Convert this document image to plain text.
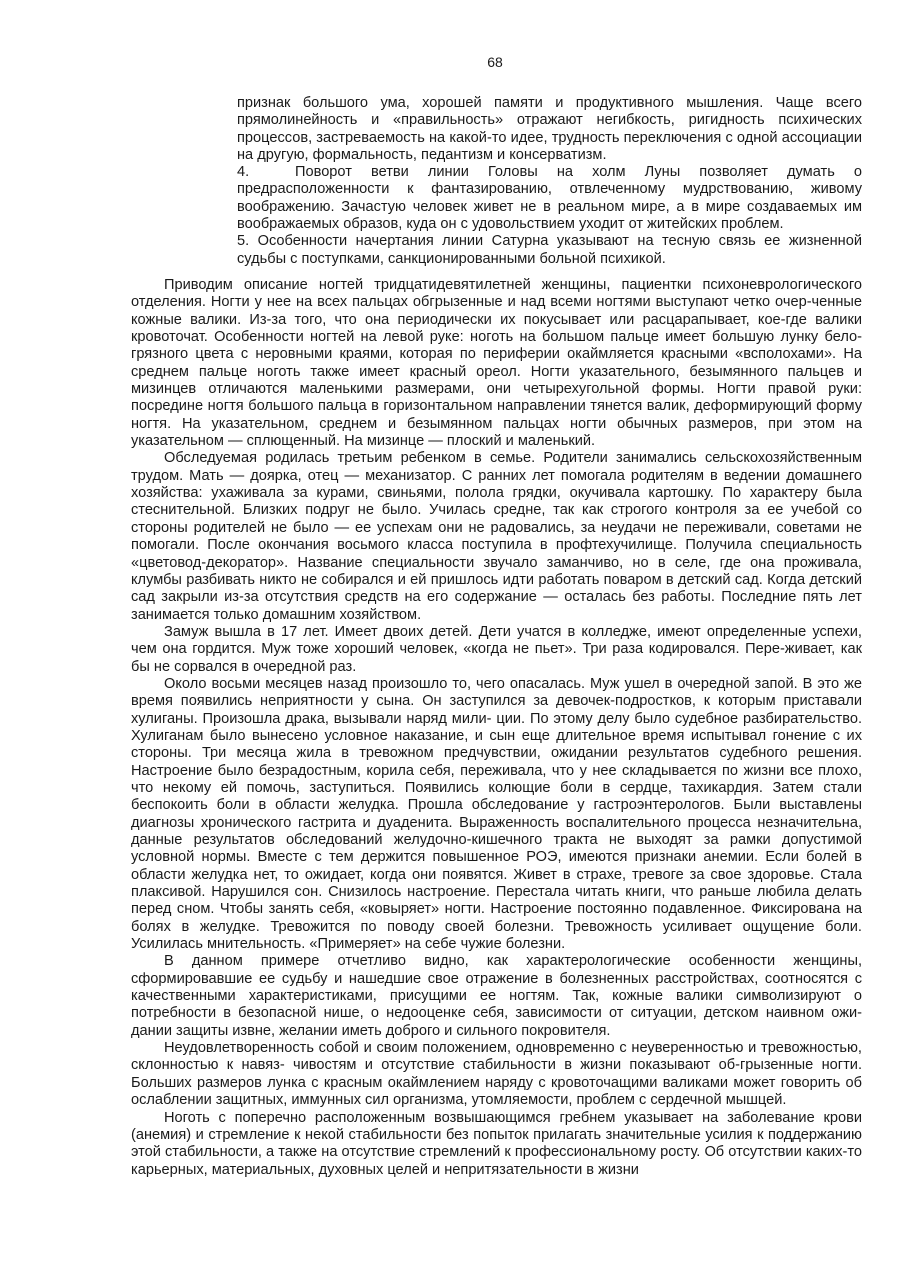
68

признак большого ума, хорошей памяти и продуктивного мышления. Чаще всего прямолинейность и «правильность» отражают негибкость, ригидность психических процессов, застреваемость на какой-то идее, трудность переключения с одной ассоциации на другую, формальность, педантизм и консерватизм.

4.	Поворот ветви линии Головы на холм Луны позволяет думать о предрасположенности к фантазированию, отвлеченному мудрствованию, живому воображению. Зачастую человек живет не в реальном мире, а в мире создаваемых им воображаемых образов, куда он с удовольствием уходит от житейских проблем.

5. Особенности начертания линии Сатурна указывают на тесную связь ее жизненной судьбы с поступками, санкционированными больной психикой.

Приводим описание ногтей тридцатидевятилетней женщины, пациентки психоневрологического отделения. Ногти у нее на всех пальцах обгрызенные и над всеми ногтями выступают четко очер-ченные кожные валики. Из-за того, что она периодически их покусывает или расцарапывает, кое-где валики кровоточат. Особенности ногтей на левой руке: ноготь на большом пальце имеет большую лунку бело-грязного цвета с неровными краями, которая по периферии окаймляется красными «всполохами». На среднем пальце ноготь также имеет красный ореол. Ногти указательного, безымянного пальцев и мизинцев отличаются маленькими размерами, они четырехугольной формы. Ногти правой руки: посредине ногтя большого пальца в горизонтальном направлении тянется валик, деформирующий форму ногтя. На указательном, среднем и безымянном пальцах ногти обычных размеров, при этом на указательном — сплющенный. На мизинце — плоский и маленький.

Обследуемая родилась третьим ребенком в семье. Родители занимались сельскохозяйственным трудом. Мать — доярка, отец — механизатор. С ранних лет помогала родителям в ведении домашнего хозяйства: ухаживала за курами, свиньями, полола грядки, окучивала картошку. По характеру была стеснительной. Близких подруг не было. Училась средне, так как строгого контроля за ее учебой со стороны родителей не было — ее успехам они не радовались, за неудачи не переживали, советами не помогали. После окончания восьмого класса поступила в профтехучилище. Получила специальность «цветовод-декоратор». Название специальности звучало заманчиво, но в селе, где она проживала, клумбы разбивать никто не собирался и ей пришлось идти работать поваром в детский сад. Когда детский сад закрыли из-за отсутствия средств на его содержание — осталась без работы. Последние пять лет занимается только домашним хозяйством.

Замуж вышла в 17 лет. Имеет двоих детей. Дети учатся в колледже, имеют определенные успехи, чем она гордится. Муж тоже хороший человек, «когда не пьет». Три раза кодировался. Пере-живает, как бы не сорвался в очередной раз.

Около восьми месяцев назад произошло то, чего опасалась. Муж ушел в очередной запой. В это же время появились неприятности у сына. Он заступился за девочек-подростков, к которым приставали хулиганы. Произошла драка, вызывали наряд мили- ции. По этому делу было судебное разбирательство. Хулиганам было вынесено условное наказание, и сын еще длительное время испытывал гонение с их стороны. Три месяца жила в тревожном предчувствии, ожидании результатов судебного решения. Настроение было безрадостным, корила себя, переживала, что у нее складывается по жизни все плохо, что некому ей помочь, заступиться. Появились колющие боли в сердце, тахикардия. Затем стали беспокоить боли в области желудка. Прошла обследование у гастроэнтерологов. Были выставлены диагнозы хронического гастрита и дуаденита. Выраженность воспалительного процесса незначительна, данные результатов обследований желудочно-кишечного тракта не выходят за рамки допустимой условной нормы. Вместе с тем держится повышенное РОЭ, имеются признаки анемии. Если болей в области желудка нет, то ожидает, когда они появятся. Живет в страхе, тревоге за свое здоровье. Стала плаксивой. Нарушился сон. Снизилось настроение. Перестала читать книги, что раньше любила делать перед сном. Чтобы занять себя, «ковыряет» ногти. Настроение постоянно подавленное. Фиксирована на болях в желудке. Тревожится по поводу своей болезни. Тревожность усиливает ощущение боли. Усилилась мнительность. «Примеряет» на себе чужие болезни.

В данном примере отчетливо видно, как характерологические особенности женщины, сформировавшие ее судьбу и нашедшие свое отражение в болезненных расстройствах, соотносятся с качественными характеристиками, присущими ее ногтям. Так, кожные валики символизируют о потребности в безопасной нише, о недооценке себя, зависимости от ситуации, детском наивном ожи-дании защиты извне, желании иметь доброго и сильного покровителя.

Неудовлетворенность собой и своим положением, одновременно с неуверенностью и тревожностью, склонностью к навяз- чивостям и отсутствие стабильности в жизни показывают об-грызенные ногти. Больших размеров лунка с красным окаймлением наряду с кровоточащими валиками может говорить об ослаблении защитных, иммунных сил организма, утомляемости, проблем с сердечной мышцей.

Ноготь с поперечно расположенным возвышающимся гребнем указывает на заболевание крови (анемия) и стремление к некой стабильности без попыток прилагать значительные усилия к поддержанию этой стабильности, а также на отсутствие стремлений к профессиональному росту. Об отсутствии каких-то карьерных, материальных, духовных целей и непритязательности в жизни
